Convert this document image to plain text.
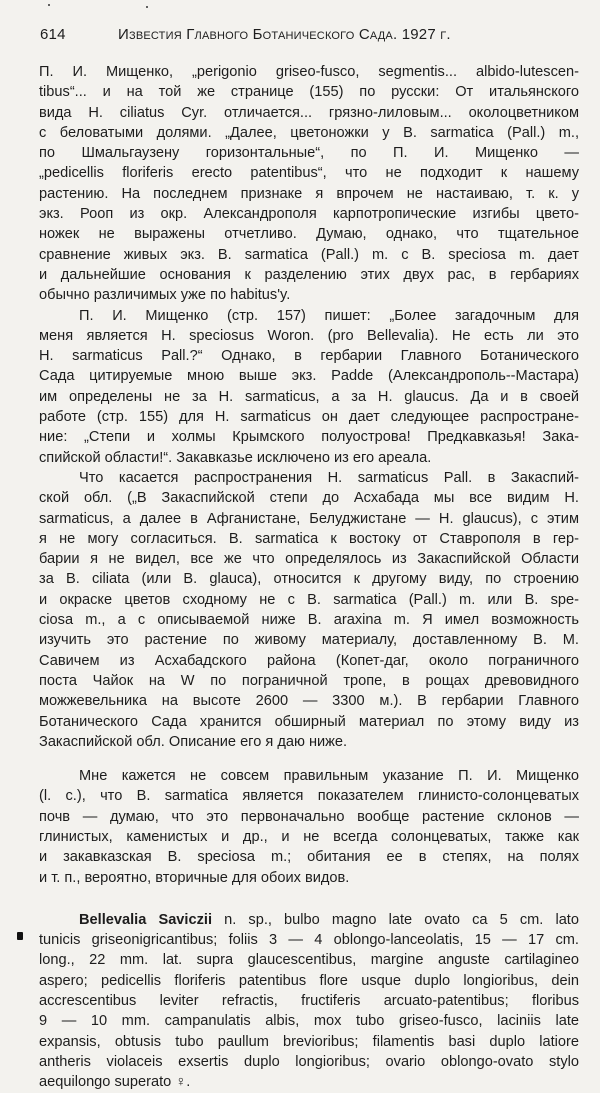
614	Известия Главного Ботанического Сада. 1927 г.
П. И. Мищенко, „perigonio griseo-fusco, segmentis... albido-lutescen-
tibus“... и на той же странице (155) по русски: От итальянского
вида H. ciliatus Cyr. отличается... грязно-лиловым... околоцветником
с беловатыми долями. „Далее, цветоножки у B. sarmatica (Pall.) m.,
по Шмальгаузену горизонтальные“, по П. И. Мищенко —
„pedicellis floriferis erecto patentibus“, что не подходит к нашему
растению. На последнем признаке я впрочем не настаиваю, т. к. у
экз. Рооп из окр. Александрополя карпотропические изгибы цвето-
ножек не выражены отчетливо. Думаю, однако, что тщательное
сравнение живых экз. B. sarmatica (Pall.) m. с B. speciosa m. дает
и дальнейшие основания к разделению этих двух рас, в гербариях
обычно различимых уже по habitus'y.
П. И. Мищенко (стр. 157) пишет: „Более загадочным для
меня является H. speciosus Woron. (pro Bellevalia). Не есть ли это
H. sarmaticus Pall.?“ Однако, в гербарии Главного Ботанического
Сада цитируемые мною выше экз. Padde (Александрополь--Мастара)
им определены не за H. sarmaticus, а за H. glaucus. Да и в своей
работе (стр. 155) для H. sarmaticus он дает следующее распростране-
ние: „Степи и холмы Крымского полуострова! Предкавказья! Зака-
спийской области!“. Закавказье исключено из его ареала.
Что касается распространения H. sarmaticus Pall. в Закаспий-
ской обл. („В Закаспийской степи до Асхабада мы все видим H.
sarmaticus, а далее в Афганистане, Белуджистане — H. glaucus), с этим
я не могу согласиться. B. sarmatica к востоку от Ставрополя в гер-
барии я не видел, все же что определялось из Закаспийской Области
за B. ciliata (или B. glauca), относится к другому виду, по строению
и окраске цветов сходному не с B. sarmatica (Pall.) m. или B. spe-
ciosa m., а с описываемой ниже B. araxina m. Я имел возможность
изучить это растение по живому материалу, доставленному B. M.
Савичем из Асхабадского района (Копет-даг, около пограничного
поста Чайок на W по пограничной тропе, в рощах древовидного
можжевельника на высоте 2600 — 3300 м.). В гербарии Главного
Ботанического Сада хранится обширный материал по этому виду из
Закаспийской обл. Описание его я даю ниже.
Мне кажется не совсем правильным указание П. И. Мищенко
(l. c.), что B. sarmatica является показателем глинисто-солонцеватых
почв — думаю, что это первоначально вообще растение склонов —
глинистых, каменистых и др., и не всегда солонцеватых, также как
и закавказская B. speciosa m.; обитания ее в степях, на полях
и т. п., вероятно, вторичные для обоих видов.
Bellevalia Saviczii n. sp., bulbo magno late ovato ca 5 cm. lato
tunicis griseonigricantibus; foliis 3 — 4 oblongo-lanceolatis, 15 — 17 cm.
long., 22 mm. lat. supra glaucescentibus, margine anguste cartilagineo
aspero; pedicellis floriferis patentibus flore usque duplo longioribus, dein
accrescentibus leviter refractis, fructiferis arcuato-patentibus; floribus
9 — 10 mm. campanulatis albis, mox tubo griseo-fusco, laciniis late
expansis, obtusis tubo paullum brevioribus; filamentis basi duplo latiore
antheris violaceis exsertis duplo longioribus; ovario oblongo-ovato stylo
aequilongo superato ♀.
